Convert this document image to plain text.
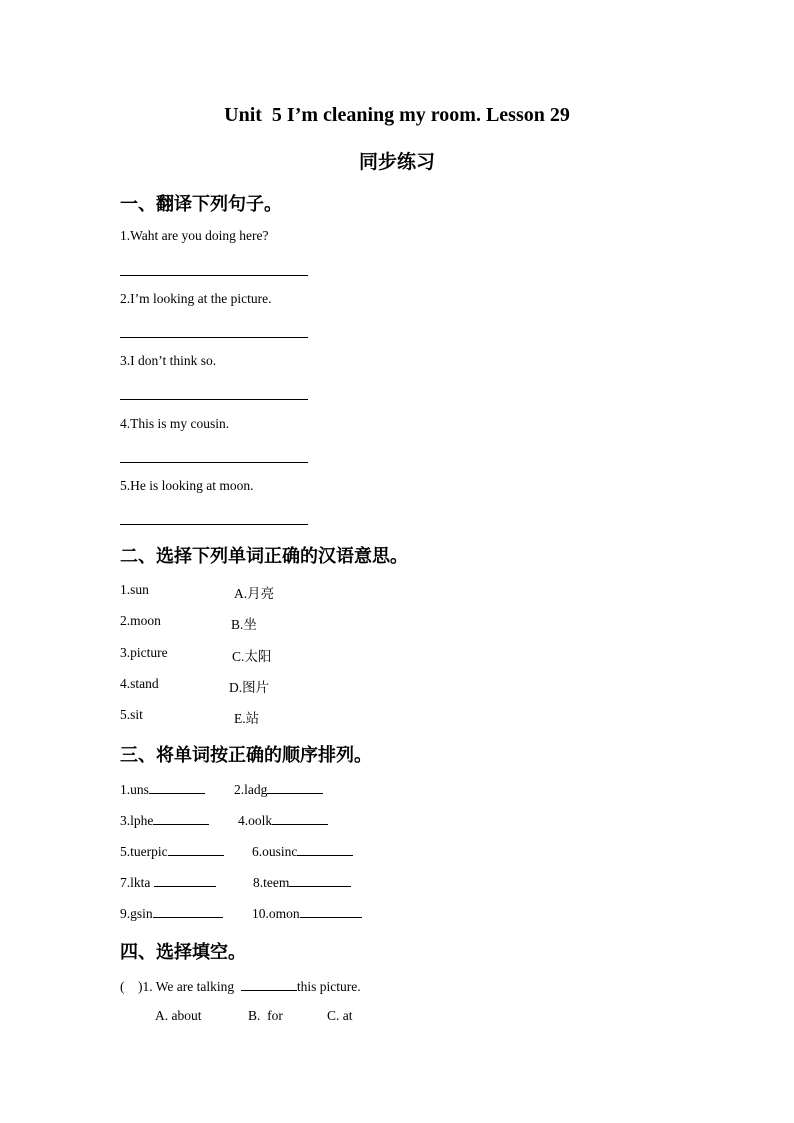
Unit  5 I’m cleaning my room. Lesson 29
同步练习
一、翻译下列句子。
1.Waht are you doing here?
2.I’m looking at the picture.
3.I don’t think so.
4.This is my cousin.
5.He is looking at moon.
二、选择下列单词正确的汉语意思。
1.sun	A.月亮
2.moon	B.坐
3.picture	C.太阳
4.stand	D.图片
5.sit	E.站
三、将单词按正确的顺序排列。
1.uns	2.ladg
3.lphe	4.oolk
5.tuerpic	6.ousinc
7.lkta	8.teem
9.gsin	10.omon
四、选择填空。
(    )1. We are talking	this picture.
A. about	B.  for	C. at
